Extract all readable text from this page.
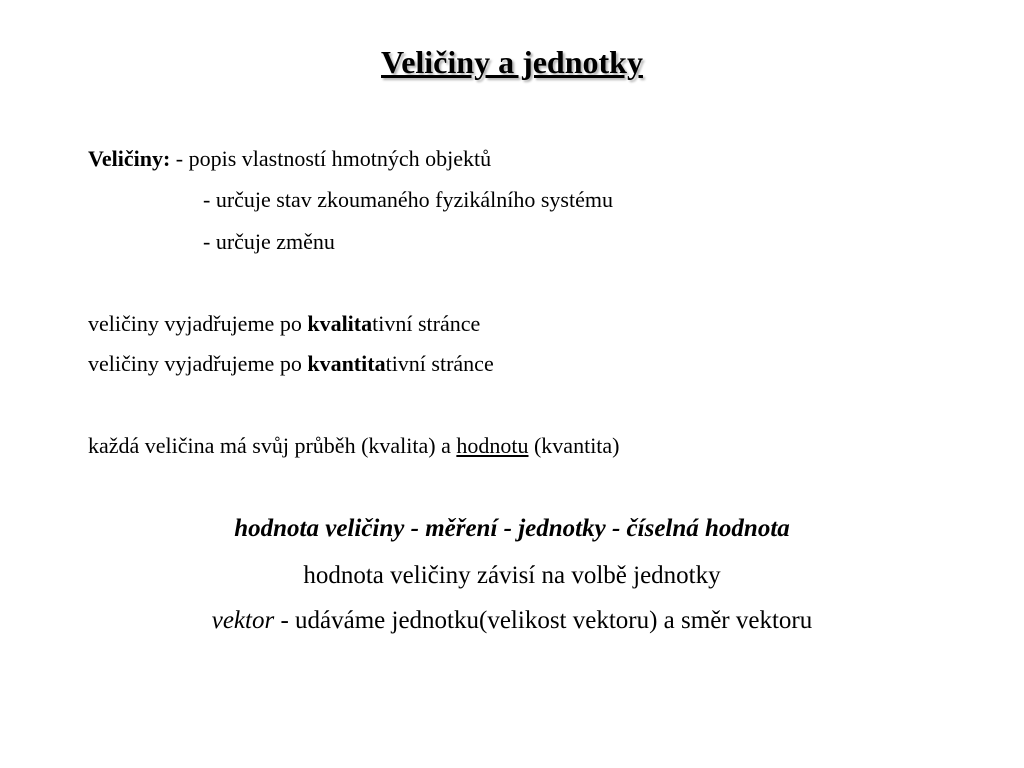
Veličiny a jednotky
Veličiny: - popis vlastností hmotných objektů
- určuje stav zkoumaného fyzikálního systému
- určuje změnu
veličiny vyjadřujeme po kvalitativní stránce
veličiny vyjadřujeme po kvantitativní stránce
každá veličina má svůj průběh (kvalita) a hodnotu (kvantita)
hodnota veličiny - měření - jednotky - číselná hodnota
hodnota veličiny závisí na volbě jednotky
vektor - udáváme jednotku(velikost vektoru) a směr vektoru
